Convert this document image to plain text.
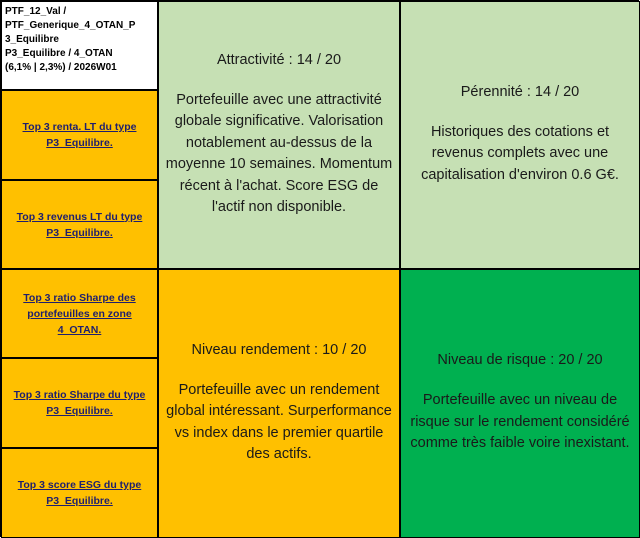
PTF_12_Val /
PTF_Generique_4_OTAN_P
3_Equilibre
P3_Equilibre / 4_OTAN
(6,1% | 2,3%) / 2026W01
Top 3 renta. LT du type P3_Equilibre.
Top 3 revenus LT du type P3_Equilibre.
Top 3 ratio Sharpe des portefeuilles en zone 4_OTAN.
Top 3 ratio Sharpe du type P3_Equilibre.
Top 3 score ESG du type P3_Equilibre.
Attractivité : 14 / 20
Portefeuille avec une attractivité globale significative. Valorisation notablement au-dessus de la moyenne 10 semaines. Momentum récent à l'achat. Score ESG de l'actif non disponible.
Pérennité : 14 / 20
Historiques des cotations et revenus complets avec une capitalisation d'environ 0.6 G€.
Niveau rendement : 10 / 20
Portefeuille avec un rendement global intéressant. Surperformance vs index dans le premier quartile des actifs.
Niveau de risque : 20 / 20
Portefeuille avec un niveau de risque sur le rendement considéré comme très faible voire inexistant.
